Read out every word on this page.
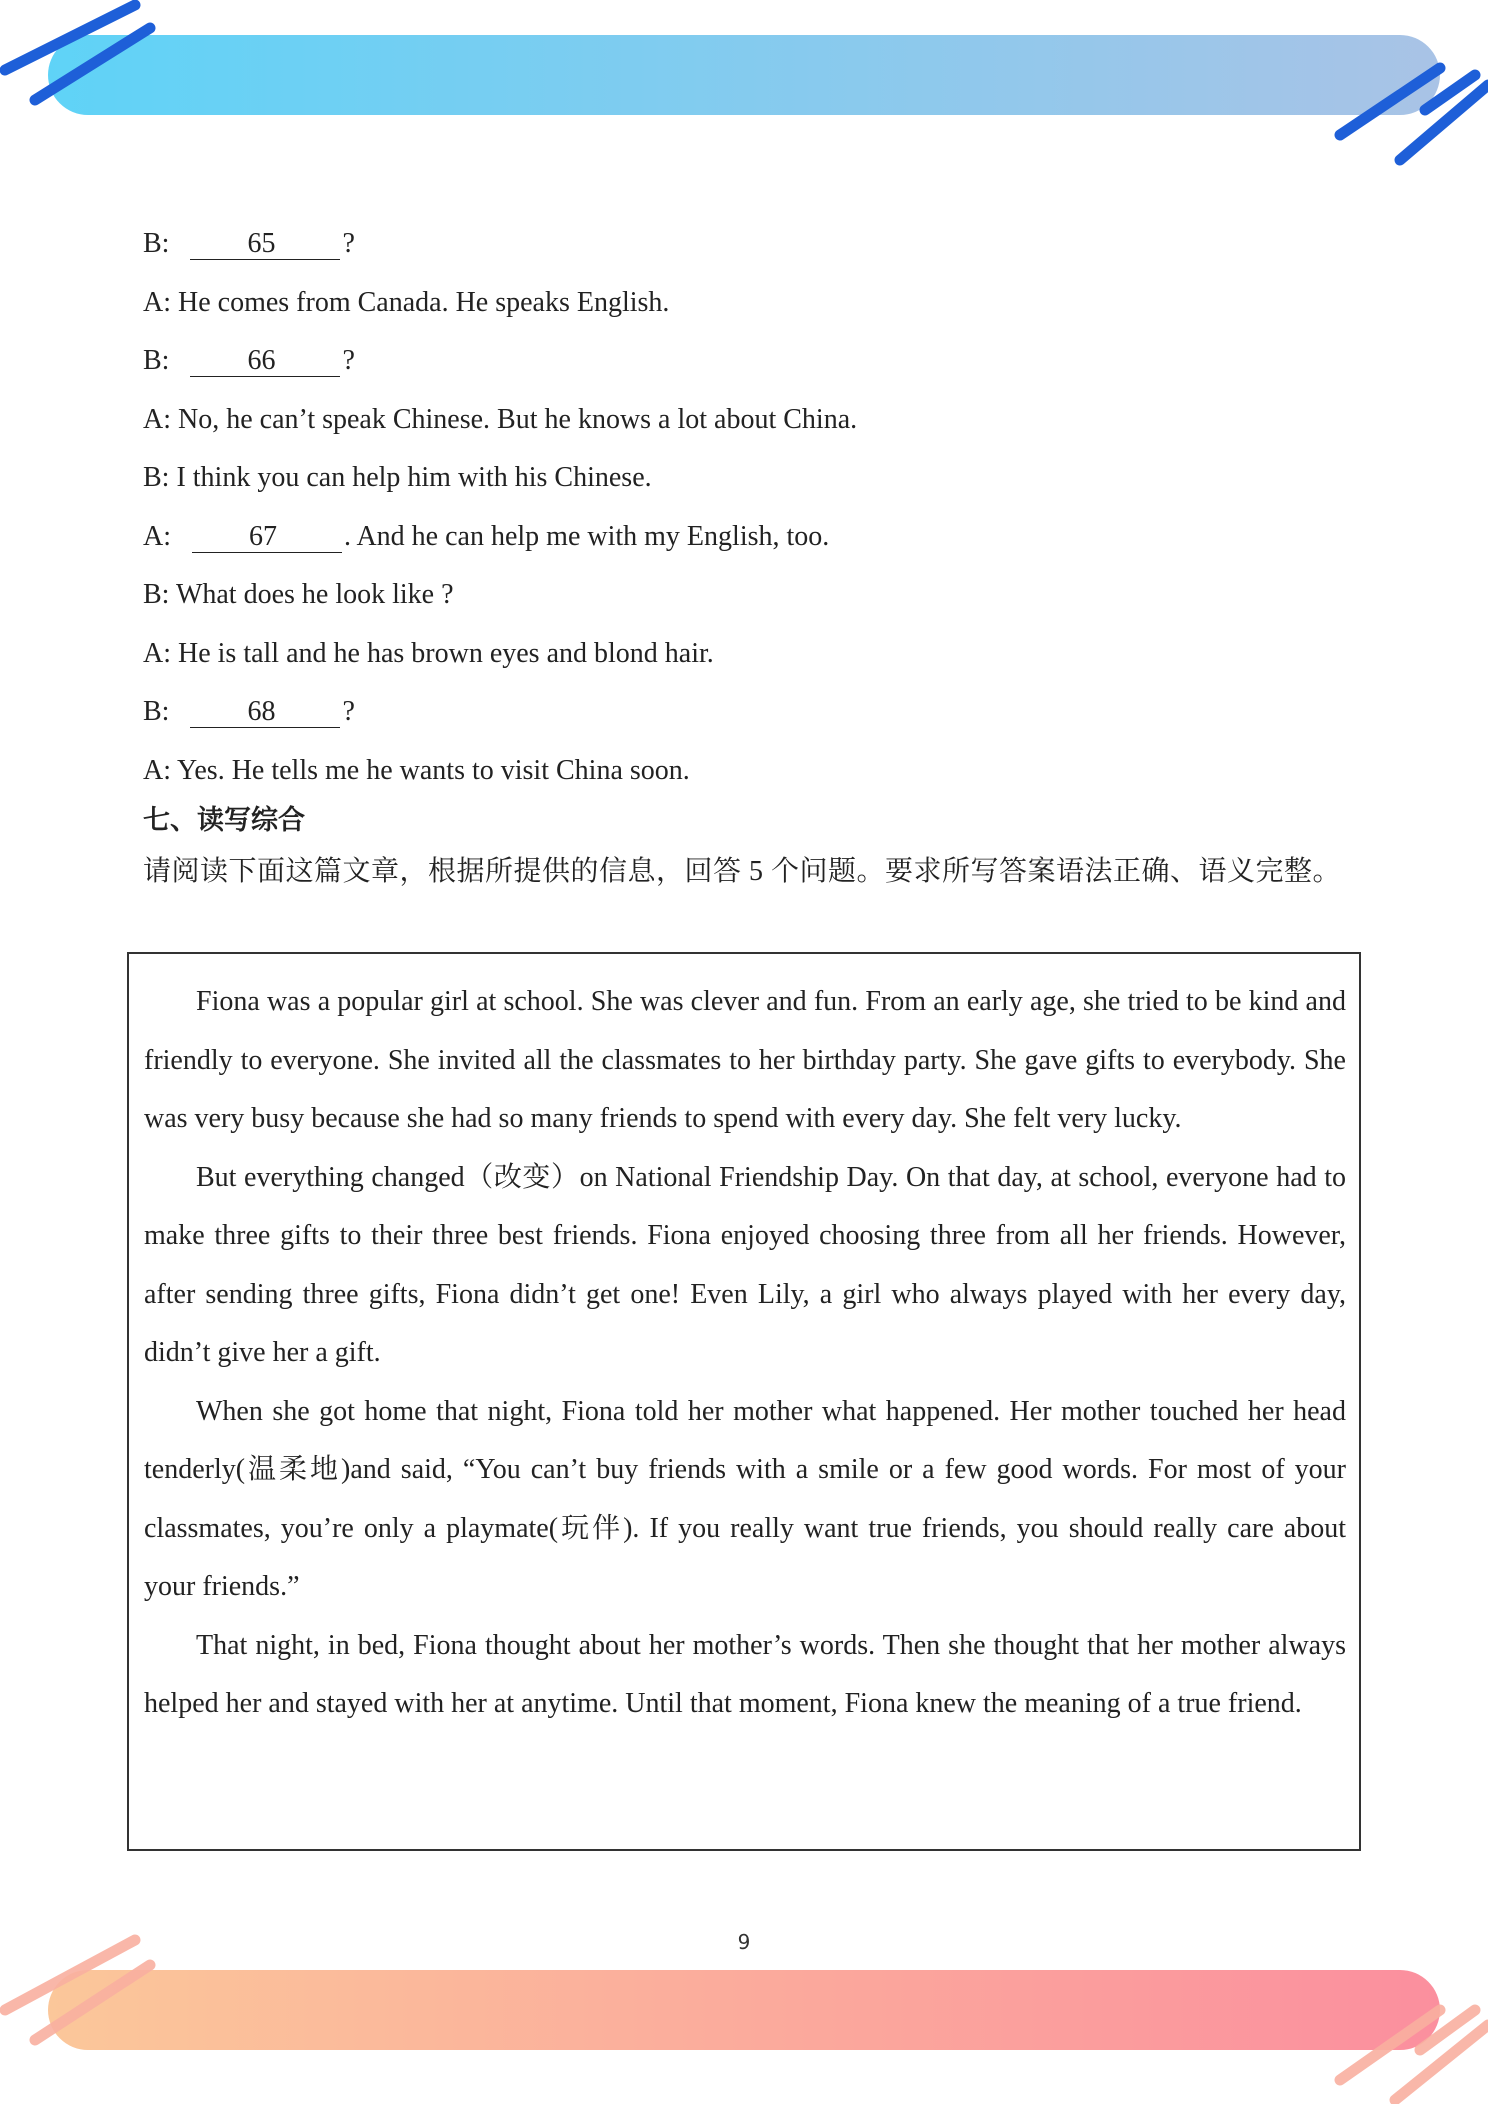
B:	65 ?
A: He comes from Canada. He speaks English.
B:	66 ?
A: No, he can’t speak Chinese. But he knows a lot about China.
B: I think you can help him with his Chinese.
A:	67 . And he can help me with my English, too.
B: What does he look like ?
A: He is tall and he has brown eyes and blond hair.
B:	68 ?
A: Yes. He tells me he wants to visit China soon.
七、读写综合
请阅读下面这篇文章，根据所提供的信息，回答 5 个问题。要求所写答案语法正确、语义完整。

Fiona was a popular girl at school. She was clever and fun. From an early age, she tried to be kind and friendly to everyone. She invited all the classmates to her birthday party. She gave gifts to everybody. She was very busy because she had so many friends to spend with every day. She felt very lucky.

But everything changed（改变）on National Friendship Day. On that day, at school, everyone had to make three gifts to their three best friends. Fiona enjoyed choosing three from all her friends. However, after sending three gifts, Fiona didn’t get one! Even Lily, a girl who always played with her every day, didn’t give her a gift.

When she got home that night, Fiona told her mother what happened. Her mother touched her head tenderly(温柔地)and said, “You can’t buy friends with a smile or a few good words. For most of your classmates, you’re only a playmate(玩伴). If you really want true friends, you should really care about your friends.”

That night, in bed, Fiona thought about her mother’s words. Then she thought that her mother always helped her and stayed with her at anytime. Until that moment, Fiona knew the meaning of a true friend.

9
